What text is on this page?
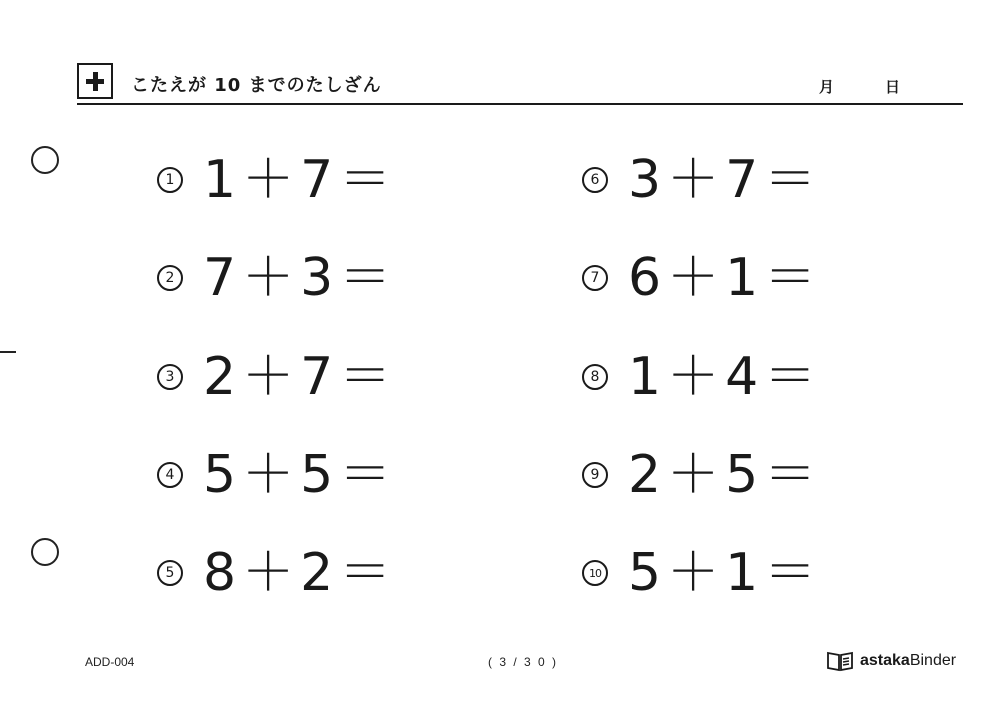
こたえが 10 までのたしざん	月	日
1 1＋7＝
2 7＋3＝
3 2＋7＝
4 5＋5＝
5 8＋2＝
6 3＋7＝
7 6＋1＝
8 1＋4＝
9 2＋5＝
10 5＋1＝
ADD-004	( 3 / 3 0 )	astaka Binder
